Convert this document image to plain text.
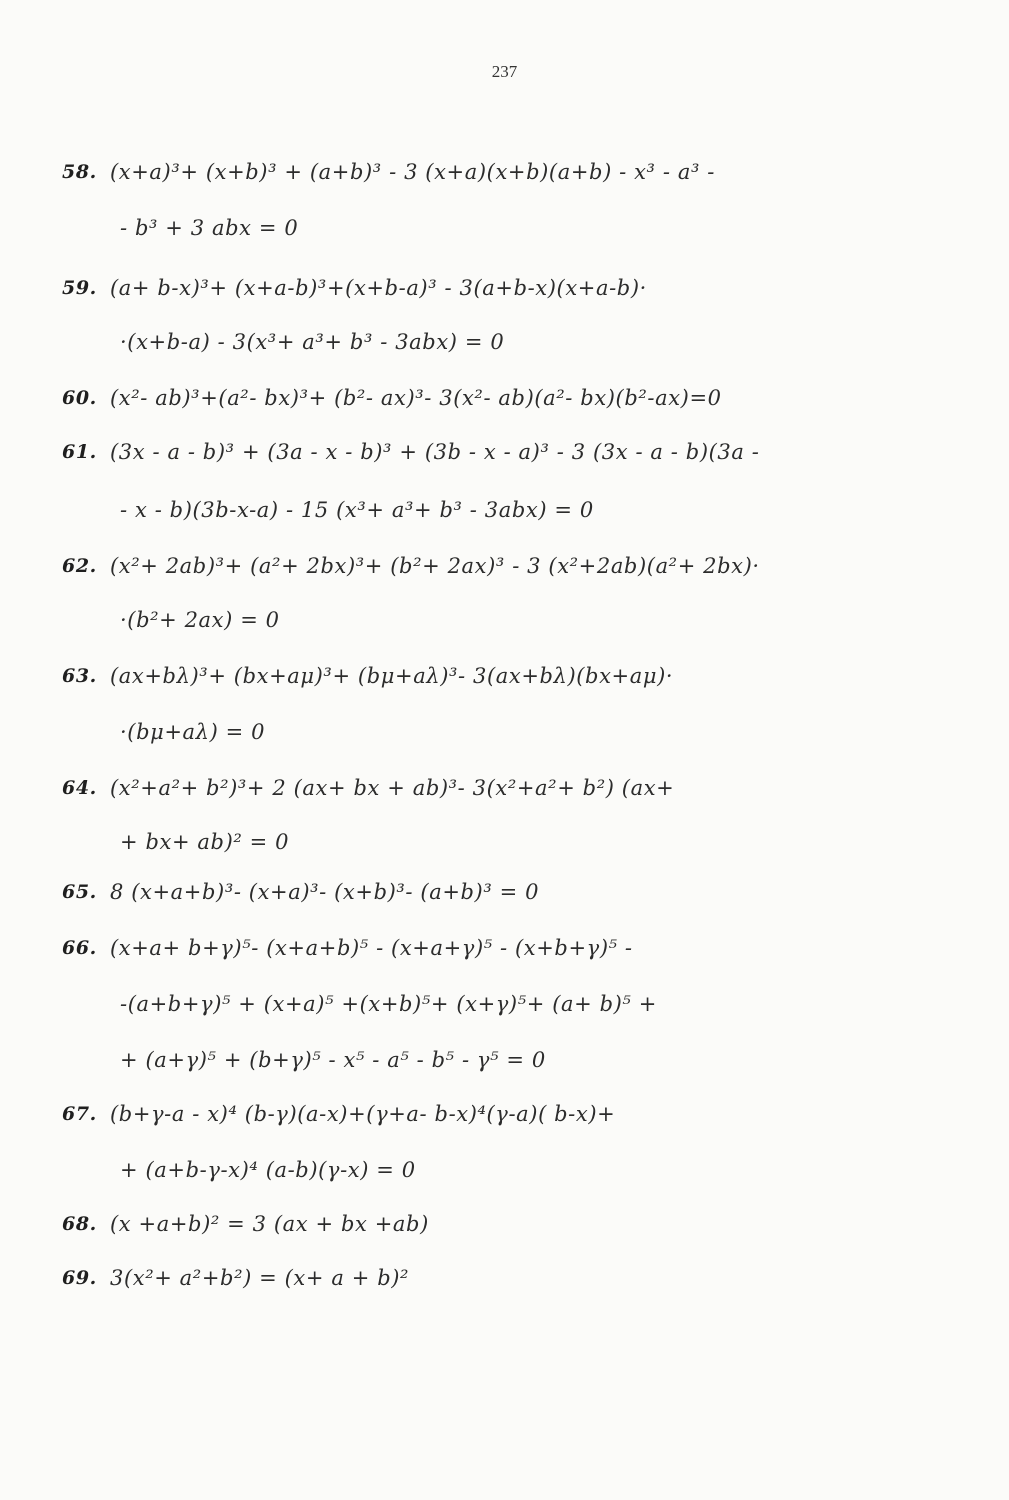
237
58. (x+a)³+ (x+b)³ + (a+b)³ - 3 (x+a)(x+b)(a+b) - x³ - a³ -
- b³ + 3 abx = 0
59. (a+ b-x)³+ (x+a-b)³+(x+b-a)³ - 3(a+b-x)(x+a-b)·
·(x+b-a) - 3(x³+ a³+ b³ - 3abx) = 0
60. (x²- ab)³+(a²- bx)³+ (b²- ax)³- 3(x²- ab)(a²- bx)(b²-ax)=0
61. (3x - a - b)³ + (3a - x - b)³ + (3b - x - a)³ - 3 (3x - a - b)(3a -
- x - b)(3b-x-a) - 15 (x³+ a³+ b³ - 3abx) = 0
62. (x²+ 2ab)³+ (a²+ 2bx)³+ (b²+ 2ax)³ - 3 (x²+2ab)(a²+ 2bx)·
·(b²+ 2ax) = 0
63. (ax+bλ)³+ (bx+aμ)³+ (bμ+aλ)³- 3(ax+bλ)(bx+aμ)·
·(bμ+aλ) = 0
64. (x²+a²+ b²)³+ 2 (ax+ bx + ab)³- 3(x²+a²+ b²) (ax+
+ bx+ ab)² = 0
65. 8 (x+a+b)³- (x+a)³- (x+b)³- (a+b)³ = 0
66. (x+a+ b+γ)⁵- (x+a+b)⁵ - (x+a+γ)⁵ - (x+b+γ)⁵ -
-(a+b+γ)⁵ + (x+a)⁵ +(x+b)⁵+ (x+γ)⁵+ (a+ b)⁵ +
+ (a+γ)⁵ + (b+γ)⁵ - x⁵ - a⁵ - b⁵ - γ⁵ = 0
67. (b+γ-a - x)⁴ (b-γ)(a-x)+(γ+a- b-x)⁴(γ-a)( b-x)+
+ (a+b-γ-x)⁴ (a-b)(γ-x) = 0
68. (x +a+b)² = 3 (ax + bx +ab)
69. 3(x²+ a²+b²) = (x+ a + b)²
